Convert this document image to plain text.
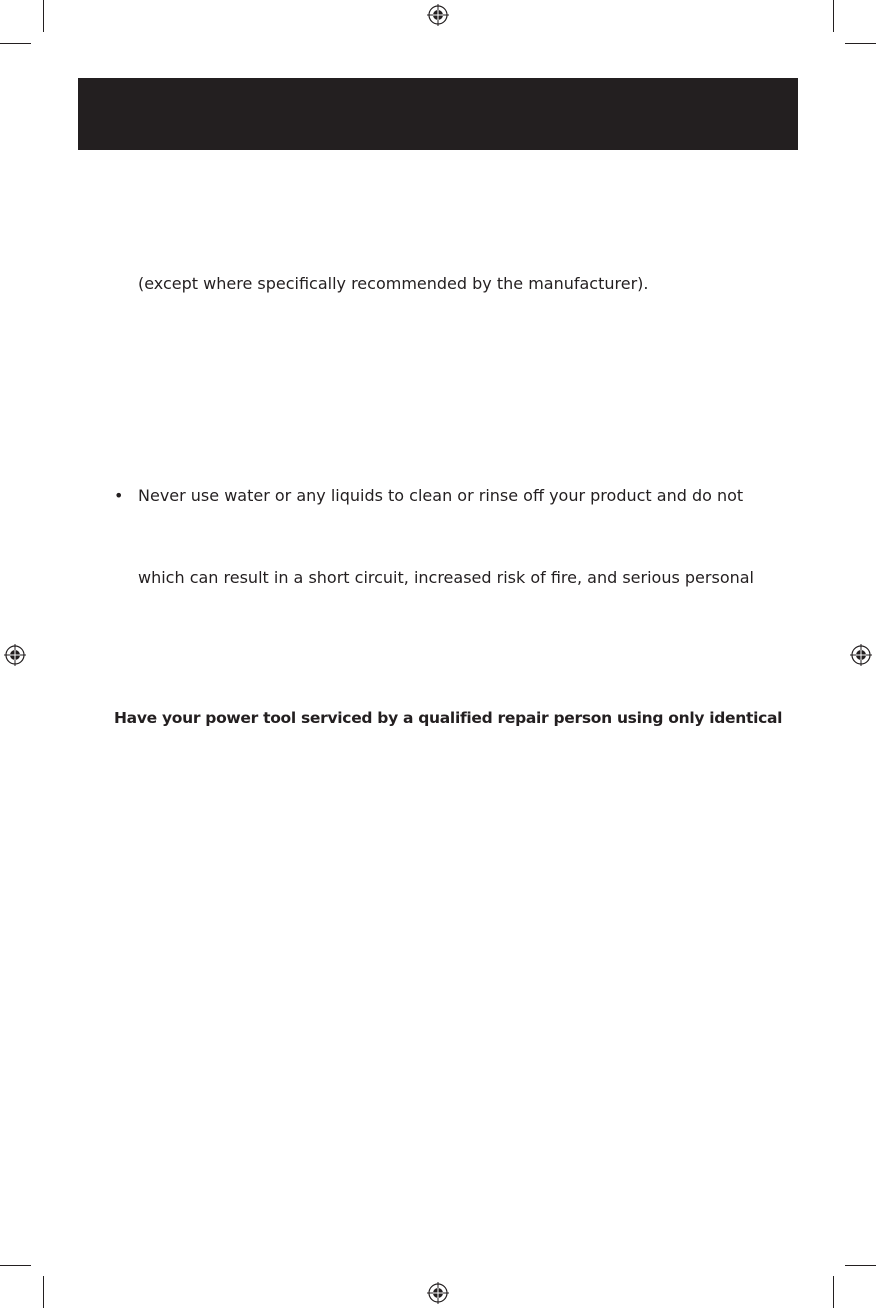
(except where specifically recommended by the manufacturer).
• Never use water or any liquids to clean or rinse off your product and do not
which can result in a short circuit, increased risk of fire, and serious personal
Have your power tool serviced by a qualified repair person using only identical
